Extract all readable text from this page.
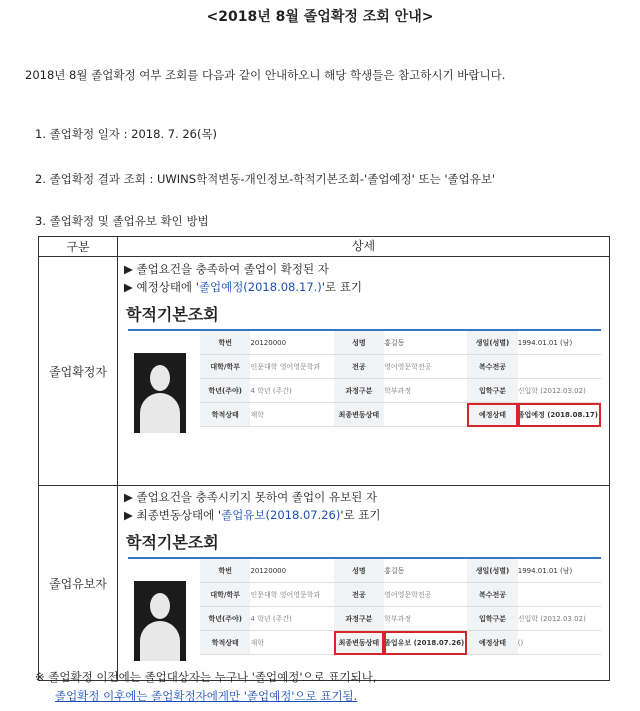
<2018년 8월 졸업확정 조회 안내>
2018년 8월 졸업확정 여부 조회를 다음과 같이 안내하오니 해당 학생들은 참고하시기 바랍니다.
1. 졸업확정 일자 : 2018. 7. 26(목)
2. 졸업확정 결과 조회 : UWINS학적변동-개인정보-학적기본조회-'졸업예정' 또는 '졸업유보'
3. 졸업확정 및 졸업유보 확인 방법
구분	상세
졸업확정자	
▶ 졸업요건을 충족하여 졸업이 확정된 자
▶ 예정상태에 '졸업예정(2018.08.17.)'로 표기
학적기본조회
학번	20120000	성명	홍길동	생일(성별)	1994.01.01 (남)
대학/학부	인문대학 영어영문학과	전공	영어영문학전공	복수전공	
학년(주야)	4 학년 (주간)	과정구분	학부과정	입학구분	신입학 (2012.03.02)
학적상태	재학	최종변동상태		예정상태	졸업예정 (2018.08.17)

졸업유보자	
▶ 졸업요건을 충족시키지 못하여 졸업이 유보된 자
▶ 최종변동상태에 '졸업유보(2018.07.26)'로 표기
학적기본조회
학번	20120000	성명	홍길동	생일(성별)	1994.01.01 (남)
대학/학부	인문대학 영어영문학과	전공	영어영문학전공	복수전공	
학년(주야)	4 학년 (주간)	과정구분	학부과정	입학구분	신입학 (2012.03.02)
학적상태	재학	최종변동상태	졸업유보 (2018.07.26)	예정상태	()
※ 졸업확정 이전에는 졸업대상자는 누구나 '졸업예정'으로 표기되나,
졸업확정 이후에는 졸업확정자에게만 '졸업예정'으로 표기됨.
